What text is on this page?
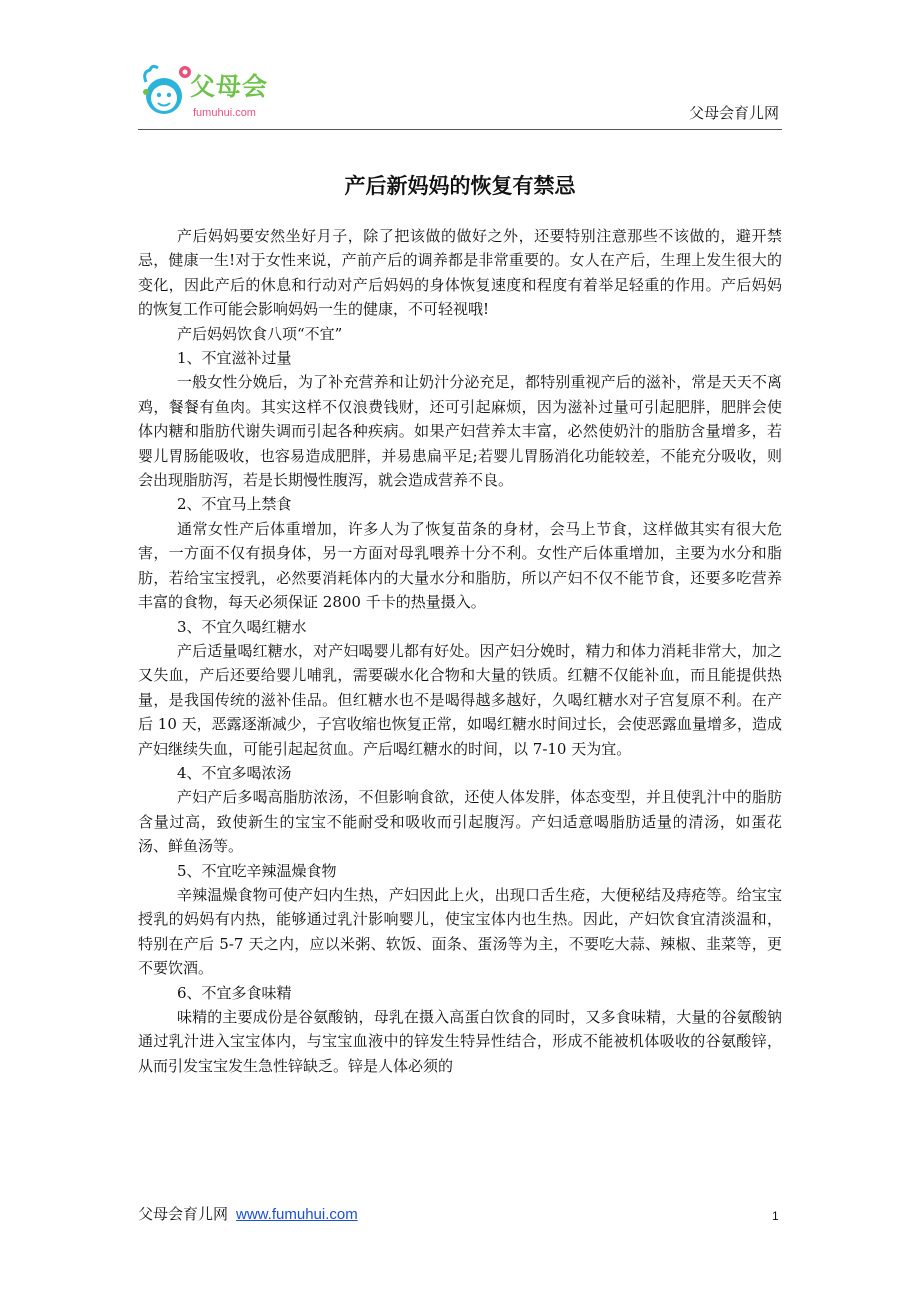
父母会
fumuhui.com	父母会育儿网
产后新妈妈的恢复有禁忌

产后妈妈要安然坐好月子，除了把该做的做好之外，还要特别注意那些不该做的，避开禁忌，健康一生!对于女性来说，产前产后的调养都是非常重要的。女人在产后，生理上发生很大的变化，因此产后的休息和行动对产后妈妈的身体恢复速度和程度有着举足轻重的作用。产后妈妈的恢复工作可能会影响妈妈一生的健康，不可轻视哦!

产后妈妈饮食八项“不宜”

1、不宜滋补过量

一般女性分娩后，为了补充营养和让奶汁分泌充足，都特别重视产后的滋补，常是天天不离鸡，餐餐有鱼肉。其实这样不仅浪费钱财，还可引起麻烦，因为滋补过量可引起肥胖，肥胖会使体内糖和脂肪代谢失调而引起各种疾病。如果产妇营养太丰富，必然使奶汁的脂肪含量增多，若婴儿胃肠能吸收，也容易造成肥胖，并易患扁平足;若婴儿胃肠消化功能较差，不能充分吸收，则会出现脂肪泻，若是长期慢性腹泻，就会造成营养不良。

2、不宜马上禁食

通常女性产后体重增加，许多人为了恢复苗条的身材，会马上节食，这样做其实有很大危害，一方面不仅有损身体，另一方面对母乳喂养十分不利。女性产后体重增加，主要为水分和脂肪，若给宝宝授乳，必然要消耗体内的大量水分和脂肪，所以产妇不仅不能节食，还要多吃营养丰富的食物，每天必须保证 2800 千卡的热量摄入。

3、不宜久喝红糖水

产后适量喝红糖水，对产妇喝婴儿都有好处。因产妇分娩时，精力和体力消耗非常大，加之又失血，产后还要给婴儿哺乳，需要碳水化合物和大量的铁质。红糖不仅能补血，而且能提供热量，是我国传统的滋补佳品。但红糖水也不是喝得越多越好，久喝红糖水对子宫复原不利。在产后 10 天，恶露逐渐减少，子宫收缩也恢复正常，如喝红糖水时间过长，会使恶露血量增多，造成产妇继续失血，可能引起起贫血。产后喝红糖水的时间，以 7-10 天为宜。

4、不宜多喝浓汤

产妇产后多喝高脂肪浓汤，不但影响食欲，还使人体发胖，体态变型，并且使乳汁中的脂肪含量过高，致使新生的宝宝不能耐受和吸收而引起腹泻。产妇适意喝脂肪适量的清汤，如蛋花汤、鲜鱼汤等。

5、不宜吃辛辣温燥食物

辛辣温燥食物可使产妇内生热，产妇因此上火，出现口舌生疮，大便秘结及痔疮等。给宝宝授乳的妈妈有内热，能够通过乳汁影响婴儿，使宝宝体内也生热。因此，产妇饮食宜清淡温和，特别在产后 5-7 天之内，应以米粥、软饭、面条、蛋汤等为主，不要吃大蒜、辣椒、韭菜等，更不要饮酒。

6、不宜多食味精

味精的主要成份是谷氨酸钠，母乳在摄入高蛋白饮食的同时，又多食味精，大量的谷氨酸钠通过乳汁进入宝宝体内，与宝宝血液中的锌发生特异性结合，形成不能被机体吸收的谷氨酸锌，从而引发宝宝发生急性锌缺乏。锌是人体必须的

父母会育儿网 www.fumuhui.com	1
